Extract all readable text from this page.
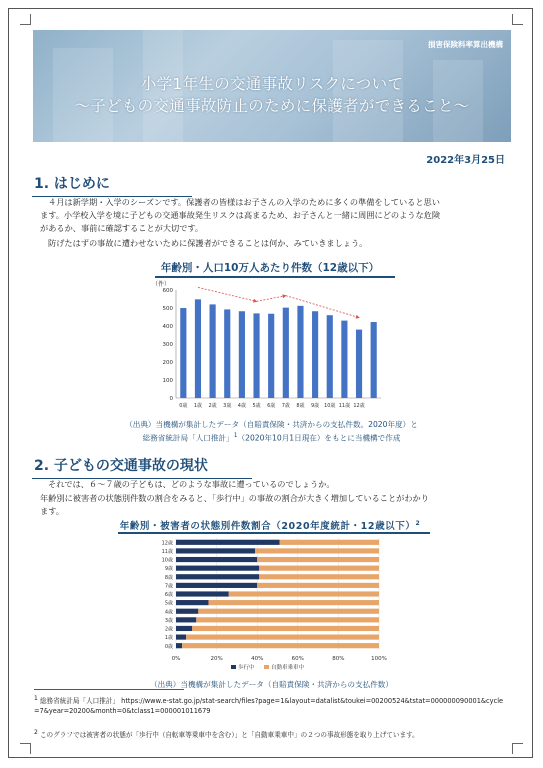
損害保険料率算出機構
小学1年生の交通事故リスクについて
～子どもの交通事故防止のために保護者ができること～
2022年3月25日
1. はじめに
４月は新学期・入学のシーズンです。保護者の皆様はお子さんの入学のために多くの準備をしていると思い
ます。小学校入学を境に子どもの交通事故発生リスクは高まるため、お子さんと一緒に周囲にどのような危険
があるか、事前に確認することが大切です。
防げたはずの事故に遭わせないために保護者ができることは何か、みていきましょう。
年齢別・人口10万人あたり件数（12歳以下）
（件）
0
100
200
300
400
500
600
0歳 1歳 2歳 3歳 4歳 5歳 6歳 7歳 8歳 9歳 10歳 11歳 12歳
（出典）当機構が集計したデータ（自賠責保険・共済からの支払件数。2020年度）と
総務省統計局「人口推計」$^1$（2020年10月1日現在）をもとに当機構で作成
2. 子どもの交通事故の現状
それでは、６～７歳の子どもは、どのような事故に遭っているのでしょうか。
年齢別に被害者の状態別件数の割合をみると、「歩行中」の事故の割合が大きく増加していることがわかり
ます。
年齢別・被害者の状態別件数割合（2020年度統計・12歳以下）$^2$
0%	20%	40%	60%	80%	100%
0歳
1歳
2歳
3歳
4歳
5歳
6歳
7歳
8歳
9歳
10歳
11歳
12歳
歩行中	自動車乗車中
（出典）当機構が集計したデータ（自賠責保険・共済からの支払件数）
$^1$ 総務省統計局「人口推計」 https://www.e-stat.go.jp/stat-search/files?page=1&layout=datalist&toukei=00200524&tstat=000000090001&cycle=7&year=20200&month=0&tclass1=000001011679
$^2$ このグラフでは被害者の状態が「歩行中（自転車等乗車中を含む）」と「自動車乗車中」の２つの事故形態を取り上げています。
